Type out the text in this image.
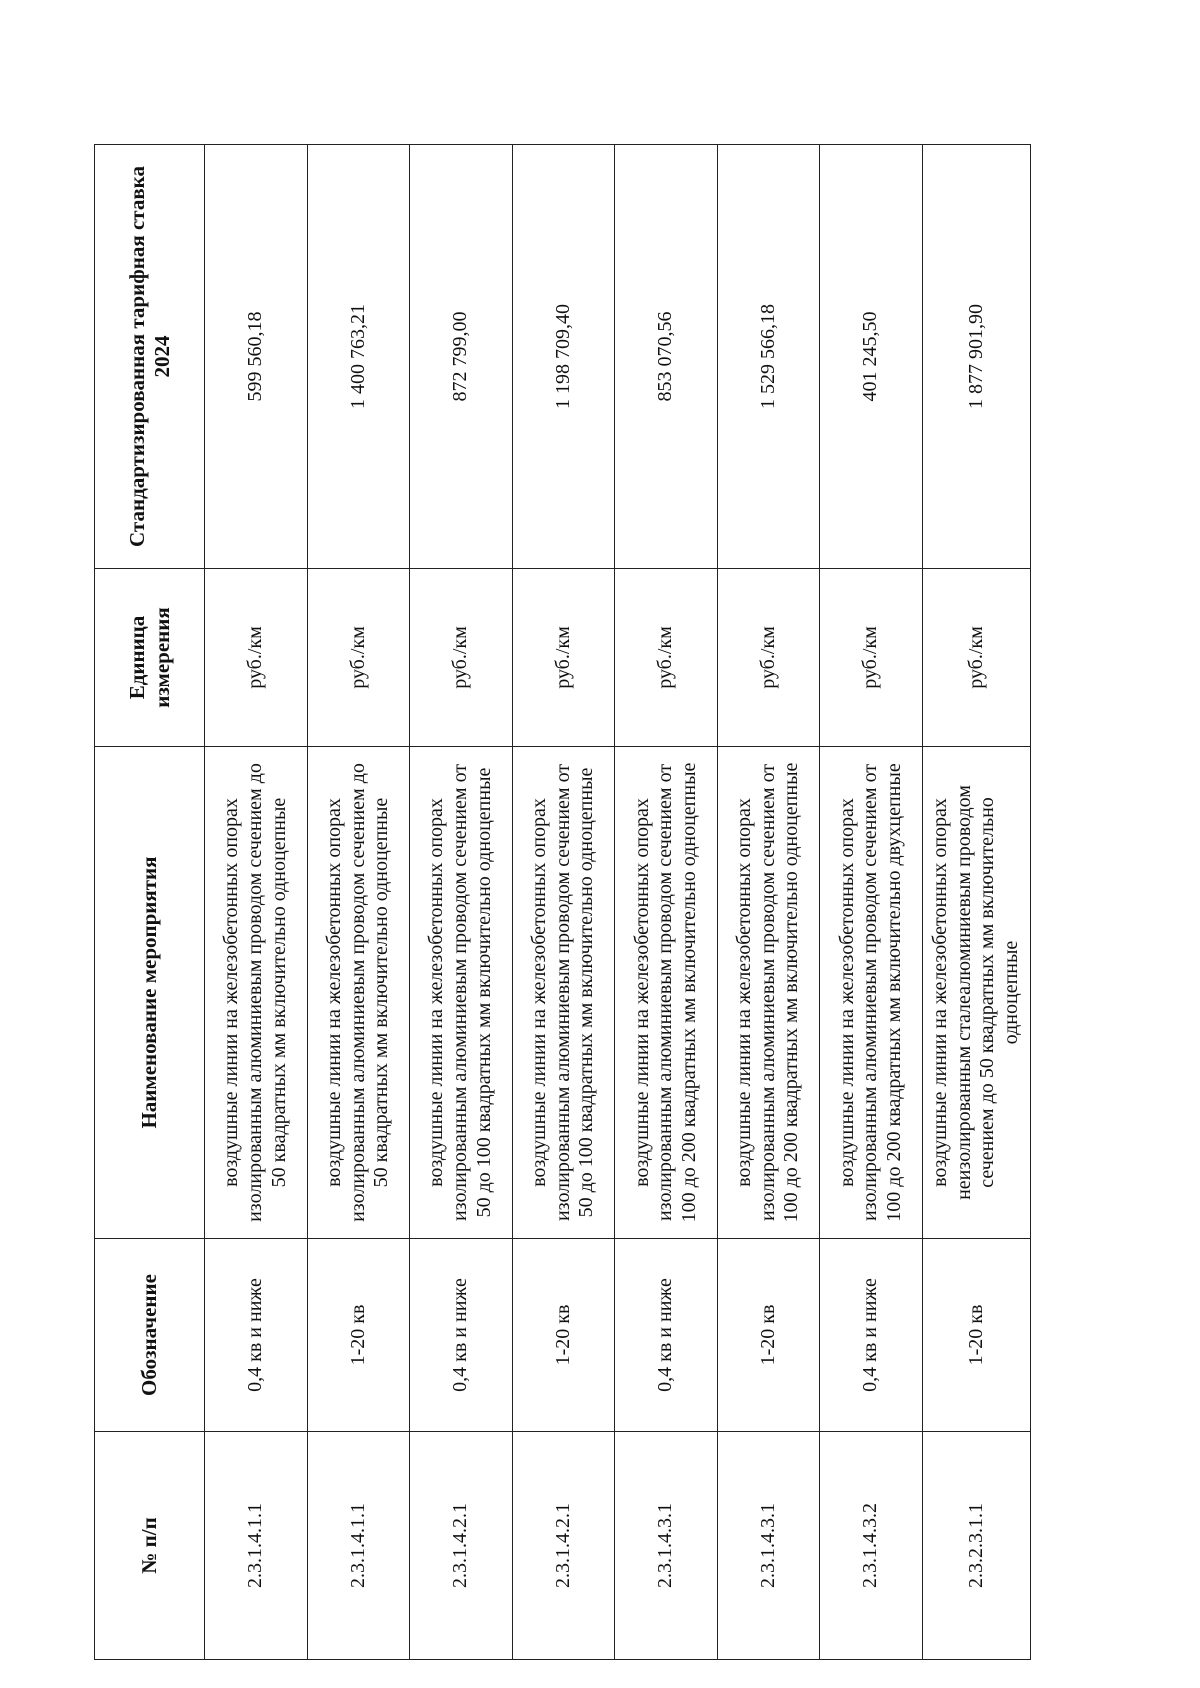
№ п/п	Обозначение	Наименование мероприятия	Единица измерения	Стандартизированная тарифная ставка 2024
2.3.1.4.1.1	0,4 кв и ниже	воздушные линии на железобетонных опорах изолированным алюминиевым проводом сечением до 50 квадратных мм включительно одноцепные	руб./км	599 560,18
2.3.1.4.1.1	1-20 кв	воздушные линии на железобетонных опорах изолированным алюминиевым проводом сечением до 50 квадратных мм включительно одноцепные	руб./км	1 400 763,21
2.3.1.4.2.1	0,4 кв и ниже	воздушные линии на железобетонных опорах изолированным алюминиевым проводом сечением от 50 до 100 квадратных мм включительно одноцепные	руб./км	872 799,00
2.3.1.4.2.1	1-20 кв	воздушные линии на железобетонных опорах изолированным алюминиевым проводом сечением от 50 до 100 квадратных мм включительно одноцепные	руб./км	1 198 709,40
2.3.1.4.3.1	0,4 кв и ниже	воздушные линии на железобетонных опорах изолированным алюминиевым проводом сечением от 100 до 200 квадратных мм включительно одноцепные	руб./км	853 070,56
2.3.1.4.3.1	1-20 кв	воздушные линии на железобетонных опорах изолированным алюминиевым проводом сечением от 100 до 200 квадратных мм включительно одноцепные	руб./км	1 529 566,18
2.3.1.4.3.2	0,4 кв и ниже	воздушные линии на железобетонных опорах изолированным алюминиевым проводом сечением от 100 до 200 квадратных мм включительно двухцепные	руб./км	401 245,50
2.3.2.3.1.1	1-20 кв	воздушные линии на железобетонных опорах неизолированным сталеалюминиевым проводом сечением до 50 квадратных мм включительно одноцепные	руб./км	1 877 901,90
